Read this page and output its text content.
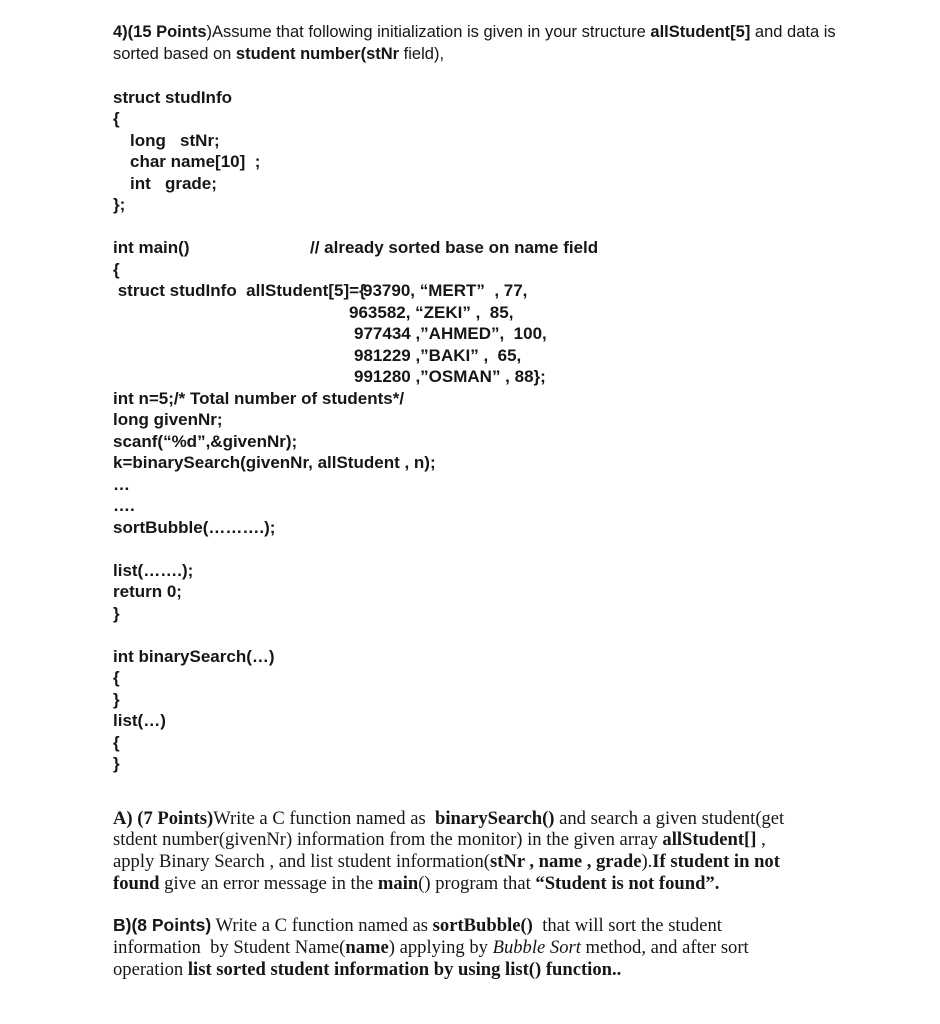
4)(15 Points)Assume that following initialization is given in your structure allStudent[5] and data is
sorted based on student number(stNr field),
struct studInfo
{
long   stNr;
char name[10]  ;
int   grade;
};
int main()	// already sorted base on name field
{
struct studInfo  allStudent[5]={
93790, “MERT”  , 77,
963582, “ZEKI” ,  85,
977434 ,”AHMED”,  100,
981229 ,”BAKI” ,  65,
991280 ,”OSMAN” , 88};
int n=5;/* Total number of students*/
long givenNr;
scanf(“%d”,&givenNr);
k=binarySearch(givenNr, allStudent , n);
…
….
sortBubble(……….);
list(…….);
return 0;
}
int binarySearch(…)
{
}
list(…)
{
}
A) (7 Points)Write a C function named as  binarySearch() and search a given student(get
stdent number(givenNr) information from the monitor) in the given array allStudent[] ,
apply Binary Search , and list student information(stNr , name , grade).If student in not
found give an error message in the main() program that “Student is not found”.
B)(8 Points) Write a C function named as sortBubble()  that will sort the student
information  by Student Name(name) applying by Bubble Sort method, and after sort
operation list sorted student information by using list() function..
